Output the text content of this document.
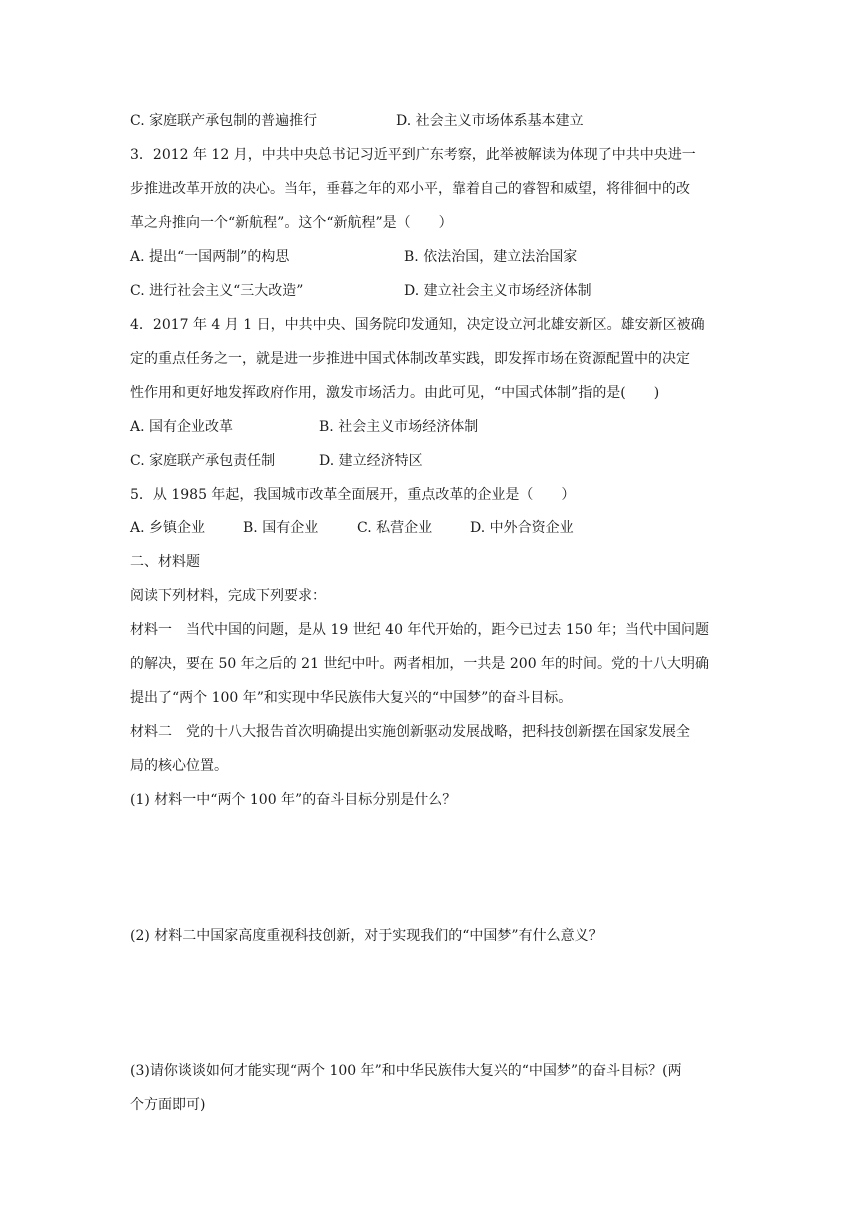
C. 家庭联产承包制的普遍推行	D. 社会主义市场体系基本建立
3．2012 年 12 月，中共中央总书记习近平到广东考察，此举被解读为体现了中共中央进一
步推进改革开放的决心。当年，垂暮之年的邓小平，靠着自己的睿智和威望，将徘徊中的改
革之舟推向一个“新航程”。这个“新航程”是（　　）
A. 提出“一国两制”的构思	B. 依法治国，建立法治国家
C. 进行社会主义“三大改造”	D. 建立社会主义市场经济体制
4．2017 年 4 月 1 日，中共中央、国务院印发通知，决定设立河北雄安新区。雄安新区被确
定的重点任务之一，就是进一步推进中国式体制改革实践，即发挥市场在资源配置中的决定
性作用和更好地发挥政府作用，激发市场活力。由此可见，“中国式体制”指的是(　　)
A. 国有企业改革	B. 社会主义市场经济体制
C. 家庭联产承包责任制	D. 建立经济特区
5．从 1985 年起，我国城市改革全面展开，重点改革的企业是（　　）
A. 乡镇企业	B. 国有企业	C. 私营企业	D. 中外合资企业
二、材料题
阅读下列材料，完成下列要求：
材料一　当代中国的问题，是从 19 世纪 40 年代开始的，距今已过去 150 年；当代中国问题
的解决，要在 50 年之后的 21 世纪中叶。两者相加，一共是 200 年的时间。党的十八大明确
提出了“两个 100 年”和实现中华民族伟大复兴的“中国梦”的奋斗目标。
材料二　党的十八大报告首次明确提出实施创新驱动发展战略，把科技创新摆在国家发展全
局的核心位置。
(1) 材料一中“两个 100 年”的奋斗目标分别是什么？
(2) 材料二中国家高度重视科技创新，对于实现我们的“中国梦”有什么意义？
(3)请你谈谈如何才能实现“两个 100 年”和中华民族伟大复兴的“中国梦”的奋斗目标？(两
个方面即可)
